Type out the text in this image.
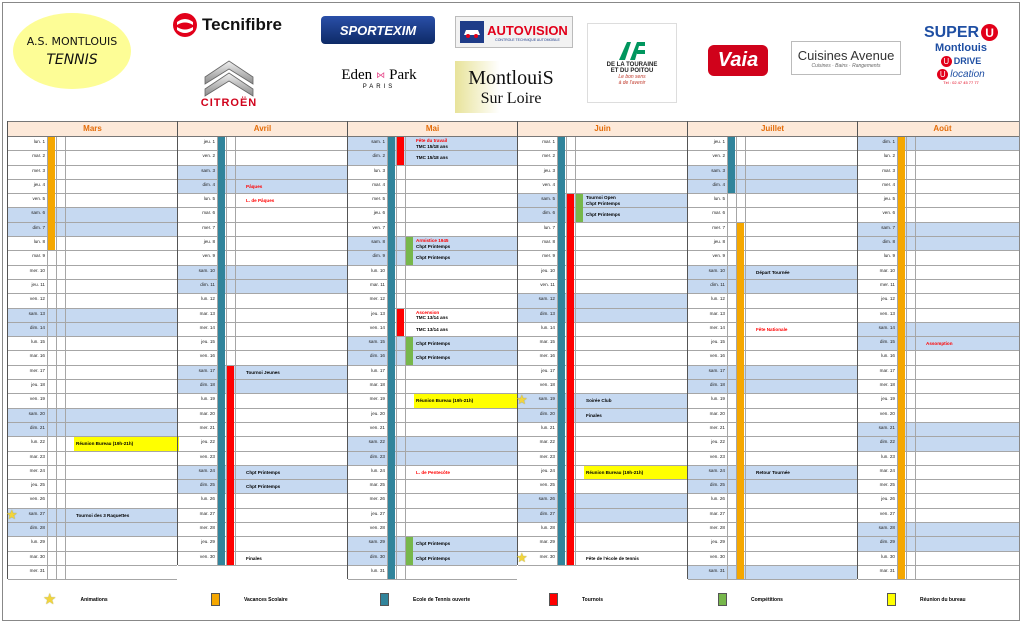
A.S. MONTLOUIS
TENNIS
Tecnifibre
CITROËN
SPORTEXIM
Eden ⋈ Park
PARIS
AUTOVISION
CONTROLE TECHNIQUE AUTOMOBILE
MontlouiS
Sur Loire
DE LA TOURAINE
ET DU POITOU
Le bon sens
à de l'avenir
Vaia	Cuisines Avenue
Cuisines · Bains · Rangements
SUPER U
Montlouis
U DRIVE
U location
Tél : 02 47 45 77 77
Mars
lun. 1
mar. 2
mer. 3
jeu. 4
ven. 5
sam. 6
dim. 7
lun. 8
mar. 9
mer. 10
jeu. 11
ven. 12
sam. 13
dim. 14
lun. 15
mar. 16
mer. 17
jeu. 18
ven. 19
sam. 20
dim. 21
lun. 22	Réunion Bureau (19h-21h)
mar. 23
mer. 24
jeu. 25
ven. 26
sam. 27	Tournoi des 3 Raquettes
★
dim. 28
lun. 29
mar. 30
mer. 31
Avril
jeu. 1
ven. 2
sam. 3
dim. 4	Pâques
lun. 5	L. de Pâques
mar. 6
mer. 7
jeu. 8
ven. 9
sam. 10
dim. 11
lun. 12
mar. 13
mer. 14
jeu. 15
ven. 16
sam. 17	Tournoi Jeunes
dim. 18
lun. 19
mar. 20
mer. 21
jeu. 22
ven. 23
sam. 24	Chpt Printemps
dim. 25	Chpt Printemps
lun. 26
mar. 27
mer. 28
jeu. 29
ven. 30	Finales
Mai
sam. 1	Fête du travail
TMC 15/18 ans
dim. 2	TMC 15/18 ans
lun. 3
mar. 4
mer. 5
jeu. 6
ven. 7
sam. 8	Armistice 1945
Chpt Printemps
dim. 9	Chpt Printemps
lun. 10
mar. 11
mer. 12
jeu. 13	Ascension
TMC 13/14 ans
ven. 14	TMC 13/14 ans
sam. 15	Chpt Printemps
dim. 16	Chpt Printemps
lun. 17
mar. 18
mer. 19	Réunion Bureau (19h-21h)
jeu. 20
ven. 21
sam. 22
dim. 23
lun. 24	L. de Pentecôte
mar. 25
mer. 26
jeu. 27
ven. 28
sam. 29	Chpt Printemps
dim. 30	Chpt Printemps
lun. 31
Juin
mar. 1
mer. 2
jeu. 3
ven. 4
sam. 5	Tournoi Open
Chpt Printemps
dim. 6	Chpt Printemps
lun. 7
mar. 8
mer. 9
jeu. 10
ven. 11
sam. 12
dim. 13
lun. 14
mar. 15
mer. 16
jeu. 17
ven. 18
sam. 19	Soirée Club
★
dim. 20	Finales
lun. 21
mar. 22
mer. 23
jeu. 24	Réunion Bureau (19h-21h)
ven. 25
sam. 26
dim. 27
lun. 28
mar. 29
mer. 30	Fête de l'école de tennis
★
Juillet
jeu. 1
ven. 2
sam. 3
dim. 4
lun. 5
mar. 6
mer. 7
jeu. 8
ven. 9
sam. 10	Départ Tournée
dim. 11
lun. 12
mar. 13
mer. 14	Fête Nationale
jeu. 15
ven. 16
sam. 17
dim. 18
lun. 19
mar. 20
mer. 21
jeu. 22
ven. 23
sam. 24	Retour Tournée
dim. 25
lun. 26
mar. 27
mer. 28
jeu. 29
ven. 30
sam. 31
Août
dim. 1
lun. 2
mar. 3
mer. 4
jeu. 5
ven. 6
sam. 7
dim. 8
lun. 9
mar. 10
mer. 11
jeu. 12
ven. 13
sam. 14
dim. 15	Assomption
lun. 16
mar. 17
mer. 18
jeu. 19
ven. 20
sam. 21
dim. 22
lun. 23
mar. 24
mer. 25
jeu. 26
ven. 27
sam. 28
dim. 29
lun. 30
mar. 31
★	Animations	Vacances Scolaire	Ecole de Tennis ouverte	Tournois	Compétitions	Réunion du bureau
